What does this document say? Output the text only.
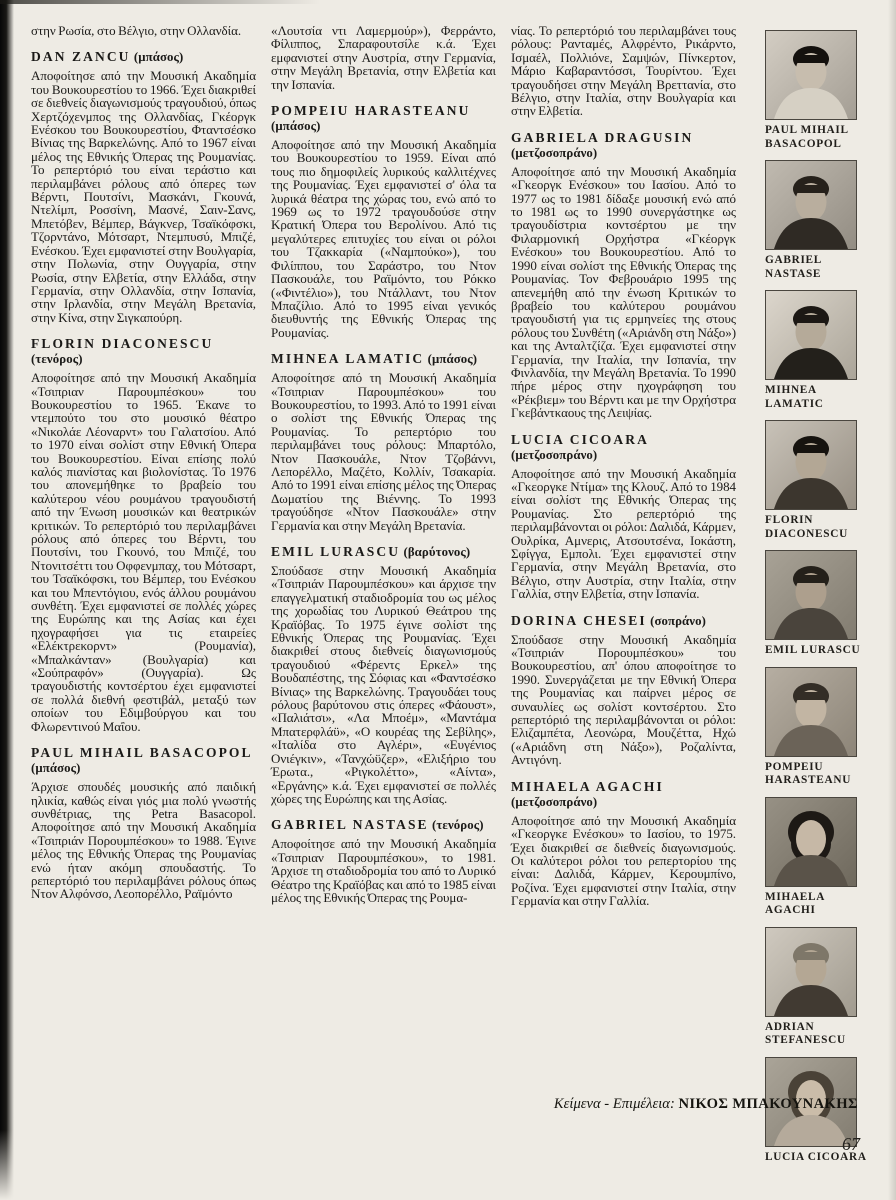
στην Ρωσία, στο Βέλγιο, στην Ολλανδία.

DAN ZANCU (μπάσος)

Αποφοίτησε από την Μουσική Ακαδημία του Βουκουρεστίου το 1966. Έχει διακριθεί σε διεθνείς διαγωνισμούς τραγουδιού, όπως Χερτζόχενμπος της Ολλανδίας, Γκέοργκ Ενέσκου του Βουκουρεστίου, Φταντσέσκο Βίνιας της Βαρκελώνης. Από το 1967 είναι μέλος της Εθνικής Όπερας της Ρουμανίας. Το ρεπερτόριό του είναι τεράστιο και περιλαμβάνει ρόλους από όπερες των Βέρντι, Πουτσίνι, Μασκάνι, Γκουνά, Ντελίμπ, Ροσσίνη, Μασνέ, Σαιν-Σανς, Μπετόβεν, Βέμπερ, Βάγκνερ, Τσαϊκόφσκι, Τζορντάνο, Μότσαρτ, Ντεμπυσύ, Μπιζέ, Ενέσκου. Έχει εμφανιστεί στην Βουλγαρία, στην Πολωνία, στην Ουγγαρία, στην Ρωσία, στην Ελβετία, στην Ελλάδα, στην Γερμανία, στην Ολλανδία, στην Ισπανία, στην Ιρλανδία, στην Μεγάλη Βρετανία, στην Κίνα, στην Σιγκαπούρη.

FLORIN DIACONESCU (τενόρος)

Αποφοίτησε από την Μουσική Ακαδημία «Τσιπριαν Παρουμπέσκου» του Βουκουρεστίου το 1965. Έκανε το ντεμπούτο του στο μουσικό θέατρο «Νικολάε Λέοναρντ» του Γαλατσίου. Από το 1970 είναι σολίστ στην Εθνική Όπερα του Βουκουρεστίου. Είναι επίσης πολύ καλός πιανίστας και βιολονίστας. Το 1976 του απονεμήθηκε το βραβείο του καλύτερου νέου ρουμάνου τραγουδιστή από την Ένωση μουσικών και θεατρικών κριτικών. Το ρεπερτόριό του περιλαμβάνει ρόλους από όπερες του Βέρντι, του Πουτσίνι, του Γκουνό, του Μπιζέ, του Ντονιτσέττι του Οφφενμπαχ, του Μότσαρτ, του Τσαϊκόφσκι, του Βέμπερ, του Ενέσκου και του Μπεντόγιου, ενός άλλου ρουμάνου συνθέτη. Έχει εμφανιστεί σε πολλές χώρες της Ευρώπης και της Ασίας και έχει ηχογραφήσει για τις εταιρείες «Ελέκτρεκορντ» (Ρουμανία), «Μπαλκάνταν» (Βουλγαρία) και «Σούπραφόν» (Ουγγαρία). Ως τραγουδιστής κοντσέρτου έχει εμφανιστεί σε πολλά διεθνή φεστιβάλ, μεταξύ των οποίων του Εδιμβούργου και του Φλωρεντινού Μαΐου.

PAUL MIHAIL BASACOPOL (μπάσος)

Άρχισε σπουδές μουσικής από παιδική ηλικία, καθώς είναι γιός μια πολύ γνωστής συνθέτριας, της Petra Basacopol. Αποφοίτησε από την Μουσική Ακαδημία «Τσιπριάν Πορουμπέσκου» το 1988. Έγινε μέλος της Εθνικής Όπερας της Ρουμανίας ενώ ήταν ακόμη σπουδαστής. Το ρεπερτόριό του περιλαμβάνει ρόλους όπως Ντον Αλφόνσο, Λεοπορέλλο, Ραϊμόντο

«Λουτσία ντι Λαμερμούρ»), Φερράντο, Φίλιππος, Σπαραφουτσίλε κ.ά. Έχει εμφανιστεί στην Αυστρία, στην Γερμανία, στην Μεγάλη Βρετανία, στην Ελβετία και την Ισπανία.

POMPEIU HARASTEANU (μπάσος)

Αποφοίτησε από την Μουσική Ακαδημία του Βουκουρεστίου το 1959. Είναι από τους πιο δημοφιλείς λυρικούς καλλιτέχνες της Ρουμανίας. Έχει εμφανιστεί σ' όλα τα λυρικά θέατρα της χώρας του, ενώ από το 1969 ως το 1972 τραγουδούσε στην Κρατική Όπερα του Βερολίνου. Από τις μεγαλύτερες επιτυχίες του είναι οι ρόλοι του Τζακκαρία («Ναμπούκο»), του Φιλίππου, του Σαράστρο, του Ντον Πασκουάλε, του Ραϊμόντο, του Ρόκκο («Φιντέλιο»), του Ντάλλαντ, του Ντον Μπαζίλιο. Από το 1995 είναι γενικός διευθυντής της Εθνικής Όπερας της Ρουμανίας.

MIHNEA LAMATIC (μπάσος)

Αποφοίτησε από τη Μουσική Ακαδημία «Τσιπριαν Παρουμπέσκου» του Βουκουρεστίου, το 1993. Από το 1991 είναι ο σολίστ της Εθνικής Όπερας της Ρουμανίας. Το ρεπερτόριο του περιλαμβάνει τους ρόλους: Μπαρτόλο, Ντον Πασκουάλε, Ντον Τζοβάννι, Λεπορέλλο, Μαζέτο, Κολλίν, Τσακαρία. Από το 1991 είναι επίσης μέλος της Όπερας Δωματίου της Βιέννης. Το 1993 τραγούδησε «Ντον Πασκουάλε» στην Γερμανία και στην Μεγάλη Βρετανία.

EMIL LURASCU (βαρύτονος)

Σπούδασε στην Μουσική Ακαδημία «Τσιπριάν Παρουμπέσκου» και άρχισε την επαγγελματική σταδιοδρομία του ως μέλος της χορωδίας του Λυρικού Θεάτρου της Κραϊόβας. Το 1975 έγινε σολίστ της Εθνικής Όπερας της Ρουμανίας. Έχει διακριθεί στους διεθνείς διαγωνισμούς τραγουδιού «Φέρεντς Ερκελ» της Βουδαπέστης, της Σόφιας και «Φαντσέσκο Βίνιας» της Βαρκελώνης. Τραγουδάει τους ρόλους βαρύτονου στις όπερες «Φάουστ», «Παλιάτσι», «Λα Μποέμ», «Μαντάμα Μπατερφλάϋ», «Ο κουρέας της Σεβίλης», «Ιταλίδα στο Αγλέρι», «Ευγένιος Ονιέγκιν», «Τανχώϋζερ», «Ελιξήριο του Έρωτα., «Ριγκολέττο», «Αίντα», «Εργάνης» κ.ά. Έχει εμφανιστεί σε πολλές χώρες της Ευρώπης και της Ασίας.

GABRIEL NASTASE (τενόρος)

Αποφοίτησε από την Μουσική Ακαδημία «Τσιπριαν Παρουμπέσκου», το 1981. Άρχισε τη σταδιοδρομία του από το Λυρικό Θέατρο της Κραϊόβας και από το 1985 είναι μέλος της Εθνικής Όπερας της Ρουμα-

νίας. Το ρεπερτόριό του περιλαμβάνει τους ρόλους: Ρανταμές, Αλφρέντο, Ρικάρντο, Ισμαέλ, Πολλιόνε, Σαμψών, Πίνκερτον, Μάριο Καβαραντόσσι, Τουρίντου. Έχει τραγουδήσει στην Μεγάλη Βρεττανία, στο Βέλγιο, στην Ιταλία, στην Βουλγαρία και στην Ελβετία.

GABRIELA DRAGUSIN (μετζοσοπράνο)

Αποφοίτησε από την Μουσική Ακαδημία «Γκεοργκ Ενέσκου» του Ιασίου. Από το 1977 ως το 1981 δίδαξε μουσική ενώ από το 1981 ως το 1990 συνεργάστηκε ως τραγουδίστρια κοντσέρτου με την Φιλαρμονική Ορχήστρα «Γκέοργκ Ενέσκου» του Βουκουρεστίου. Από το 1990 είναι σολίστ της Εθνικής Όπερας της Ρουμανίας. Τον Φεβρουάριο 1995 της απενεμήθη από την ένωση Κριτικών το βραβείο του καλύτερου ρουμάνου τραγουδιστή για τις ερμηνείες της στους ρόλους του Συνθέτη («Αριάνδη στη Νάξο») και της Ανταλτζίζα. Έχει εμφανιστεί στην Γερμανία, την Ιταλία, την Ισπανία, την Φινλανδία, την Μεγάλη Βρετανία. Το 1990 πήρε μέρος στην ηχογράφηση του «Ρέκβιεμ» του Βέρντι και με την Ορχήστρα Γκεβάντκαους της Λειψίας.

LUCIA CICOARA (μετζοσοπράνο)

Αποφοίτησε από την Μουσική Ακαδημία «Γκεοργκε Ντίμα» της Κλουζ. Από το 1984 είναι σολίστ της Εθνικής Όπερας της Ρουμανίας. Στο ρεπερτόριό της περιλαμβάνονται οι ρόλοι: Δαλιδά, Κάρμεν, Ουλρίκα, Αμνερις, Ατσουτσένα, Ιοκάστη, Σφίγγα, Εμπολι. Έχει εμφανιστεί στην Γερμανία, στην Μεγάλη Βρετανία, στο Βέλγιο, στην Αυστρία, στην Ιταλία, στην Γαλλία, στην Ελβετία, στην Ισπανία.

DORINA CHESEI (σοπράνο)

Σπούδασε στην Μουσική Ακαδημία «Τσιπριάν Πορουμπέσκου» του Βουκουρεστίου, απ' όπου αποφοίτησε το 1990. Συνεργάζεται με την Εθνική Όπερα της Ρουμανίας και παίρνει μέρος σε συναυλίες ως σολίστ κοντσέρτου. Στο ρεπερτόριό της περιλαμβάνονται οι ρόλοι: Ελιζαμπέτα, Λεονώρα, Μουζέττα, Ηχώ («Αριάδνη στη Νάξο»), Ροζαλίντα, Αντιγόνη.

MIHAELA AGACHI (μετζοσοπράνο)

Αποφοίτησε από την Μουσική Ακαδημία «Γκεοργκε Ενέσκου» το Ιασίου, το 1975. Έχει διακριθεί σε διεθνείς διαγωνισμούς. Οι καλύτεροι ρόλοι του ρεπερτορίου της είναι: Δαλιδά, Κάρμεν, Κερουμπίνο, Ροζίνα. Έχει εμφανιστεί στην Ιταλία, στην Γερμανία και στην Γαλλία.

PAUL MIHAIL
BASACOPOL
GABRIEL
NASTASE
MIHNEA
LAMATIC
FLORIN
DIACONESCU
EMIL LURASCU
POMPEIU
HARASTEANU
MIHAELA
AGACHI
ADRIAN
STEFANESCU
LUCIA CICOARA
Κείμενα - Επιμέλεια: ΝΙΚΟΣ ΜΠΑΚΟΥΝΑΚΗΣ
67
